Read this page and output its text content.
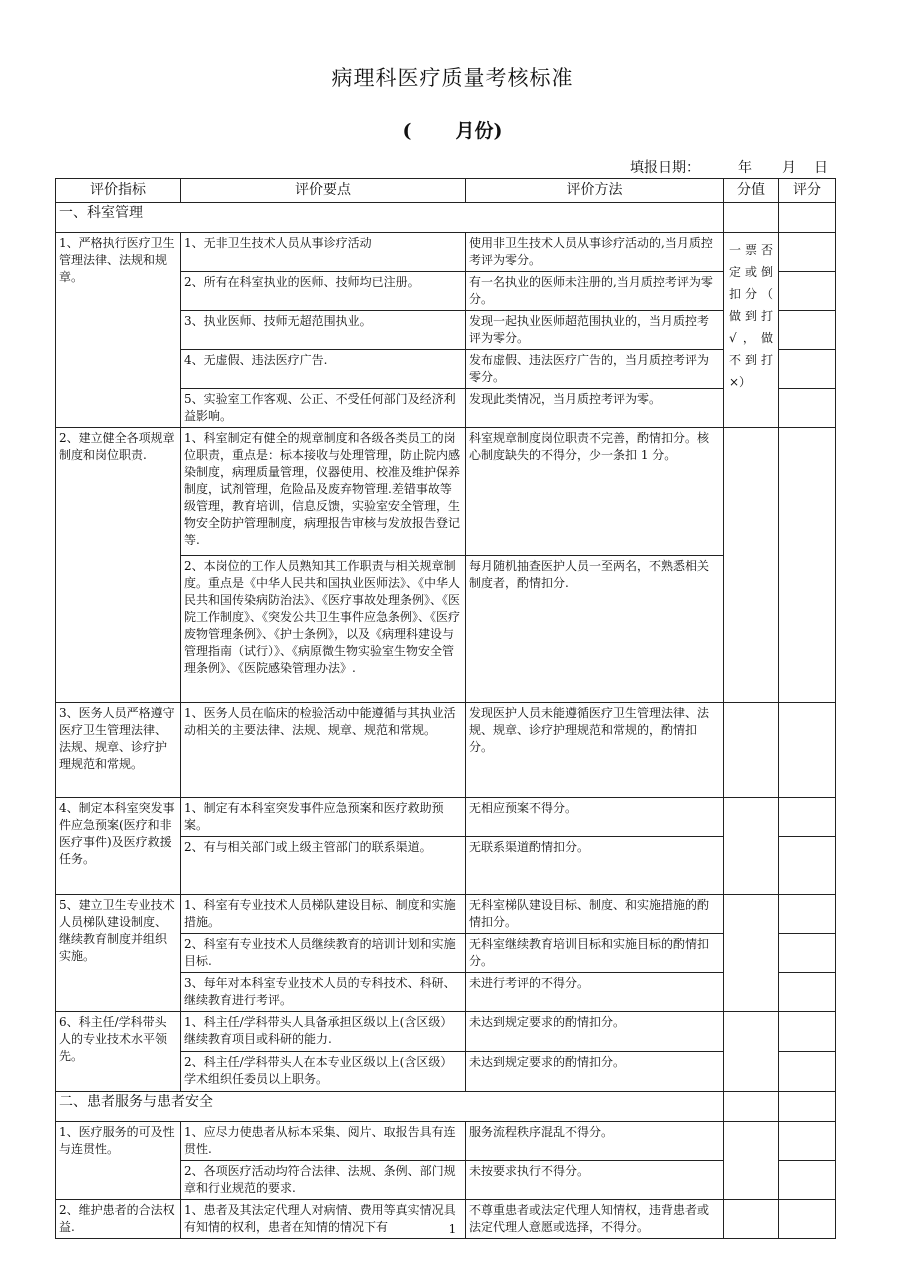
病理科医疗质量考核标准
( 月份)
填报日期：	年 月 日
评价指标	评价要点	评价方法	分值	评分
一、科室管理				
1、严格执行医疗卫生管理法律、法规和规章。	1、无非卫生技术人员从事诊疗活动	使用非卫生技术人员从事诊疗活动的,当月质控考评为零分。	一 票 否 定 或 倒 扣 分 （ 做 到 打 √，做 不 到 打×）	
	2、所有在科室执业的医师、技师均已注册。	有一名执业的医师未注册的,当月质控考评为零分。		
	3、执业医师、技师无超范围执业。	发现一起执业医师超范围执业的，当月质控考评为零分。		
	4、无虚假、违法医疗广告.	发布虚假、违法医疗广告的，当月质控考评为零分。		
	5、实验室工作客观、公正、不受任何部门及经济利益影响。	发现此类情况，当月质控考评为零。		
2、建立健全各项规章制度和岗位职责.	1、科室制定有健全的规章制度和各级各类员工的岗位职责，重点是：标本接收与处理管理，防止院内感染制度，病理质量管理，仪器使用、校准及维护保养制度，试剂管理，危险品及废弃物管理.差错事故等级管理，教育培训，信息反馈，实验室安全管理，生物安全防护管理制度，病理报告审核与发放报告登记等.	科室规章制度岗位职责不完善，酌情扣分。核心制度缺失的不得分，少一条扣 1 分。		
	2、本岗位的工作人员熟知其工作职责与相关规章制度。重点是《中华人民共和国执业医师法》、《中华人民共和国传染病防治法》、《医疗事故处理条例》、《医院工作制度》、《突发公共卫生事件应急条例》、《医疗废物管理条例》、《护士条例》，以及《病理科建设与管理指南（试行）》、《病原微生物实验室生物安全管理条例》、《医院感染管理办法》.	每月随机抽查医护人员一至两名，不熟悉相关制度者，酌情扣分.		
3、医务人员严格遵守医疗卫生管理法律、法规、规章、诊疗护理规范和常规。	1、医务人员在临床的检验活动中能遵循与其执业活动相关的主要法律、法规、规章、规范和常规。	发现医护人员未能遵循医疗卫生管理法律、法规、规章、诊疗护理规范和常规的，酌情扣分。		
4、制定本科室突发事件应急预案(医疗和非医疗事件)及医疗救援任务。	1、制定有本科室突发事件应急预案和医疗救助预案。	无相应预案不得分。		
	2、有与相关部门或上级主管部门的联系渠道。	无联系渠道酌情扣分。		
5、建立卫生专业技术人员梯队建设制度、继续教育制度并组织实施。	1、科室有专业技术人员梯队建设目标、制度和实施措施。	无科室梯队建设目标、制度、和实施措施的酌情扣分。		
	2、科室有专业技术人员继续教育的培训计划和实施目标.	无科室继续教育培训目标和实施目标的酌情扣分。		
	3、每年对本科室专业技术人员的专科技术、科研、继续教育进行考评。	未进行考评的不得分。		
6、科主任/学科带头人的专业技术水平领先。	1、科主任/学科带头人具备承担区级以上(含区级）继续教育项目或科研的能力.	未达到规定要求的酌情扣分。		
	2、科主任/学科带头人在本专业区级以上(含区级）学术组织任委员以上职务。	未达到规定要求的酌情扣分。		
二、患者服务与患者安全				
1、医疗服务的可及性与连贯性。	1、应尽力使患者从标本采集、阅片、取报告具有连贯性.	服务流程秩序混乱不得分。		
	2、各项医疗活动均符合法律、法规、条例、部门规章和行业规范的要求.	未按要求执行不得分。		
2、维护患者的合法权益.	1、患者及其法定代理人对病情、费用等真实情况具有知情的权利，患者在知情的情况下有	不尊重患者或法定代理人知情权，违背患者或法定代理人意愿或选择，不得分。		
1
